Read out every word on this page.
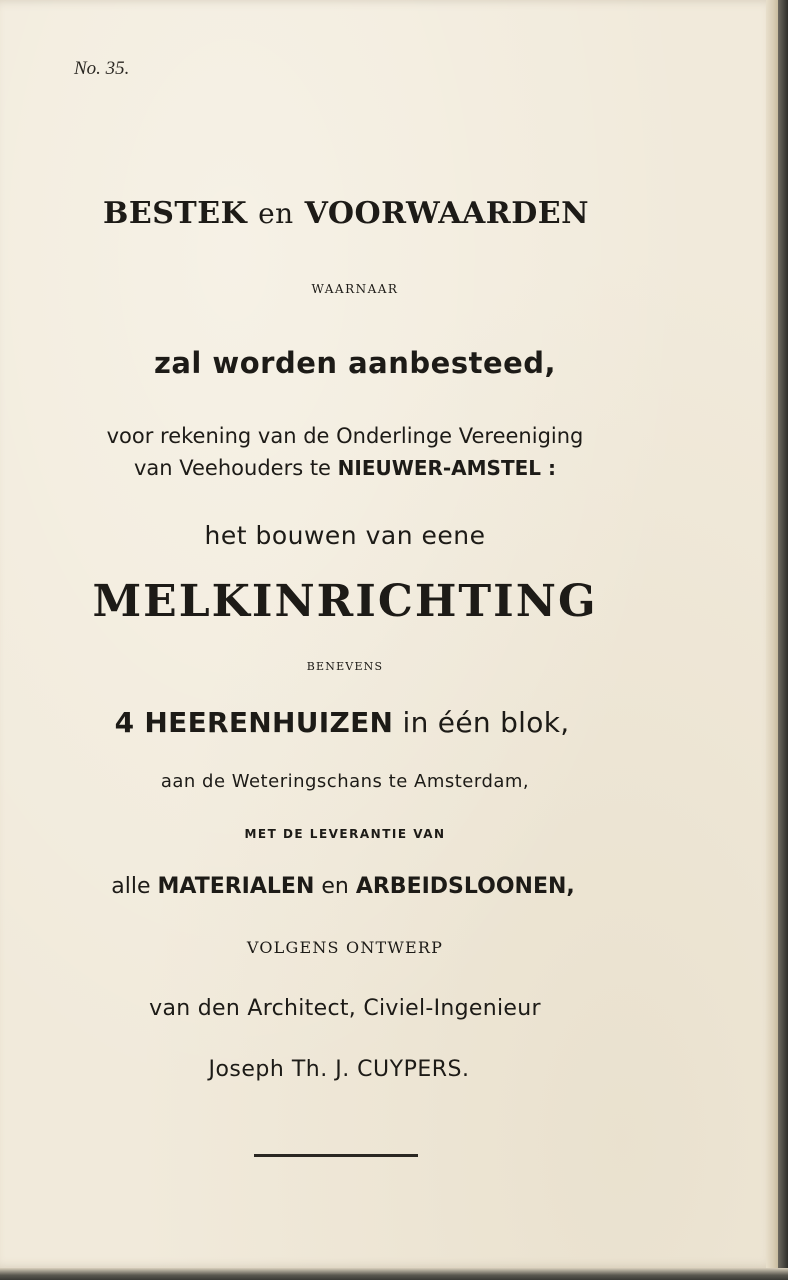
No. 35.
BESTEK en VOORWAARDEN
WAARNAAR
zal worden aanbesteed,
voor rekening van de Onderlinge Vereeniging
van Veehouders te NIEUWER-AMSTEL :
het bouwen van eene
MELKINRICHTING
BENEVENS
4 HEERENHUIZEN in één blok,
aan de Weteringschans te Amsterdam,
MET DE LEVERANTIE VAN
alle MATERIALEN en ARBEIDSLOONEN,
VOLGENS ONTWERP
van den Architect, Civiel-Ingenieur
Joseph Th. J. CUYPERS.
